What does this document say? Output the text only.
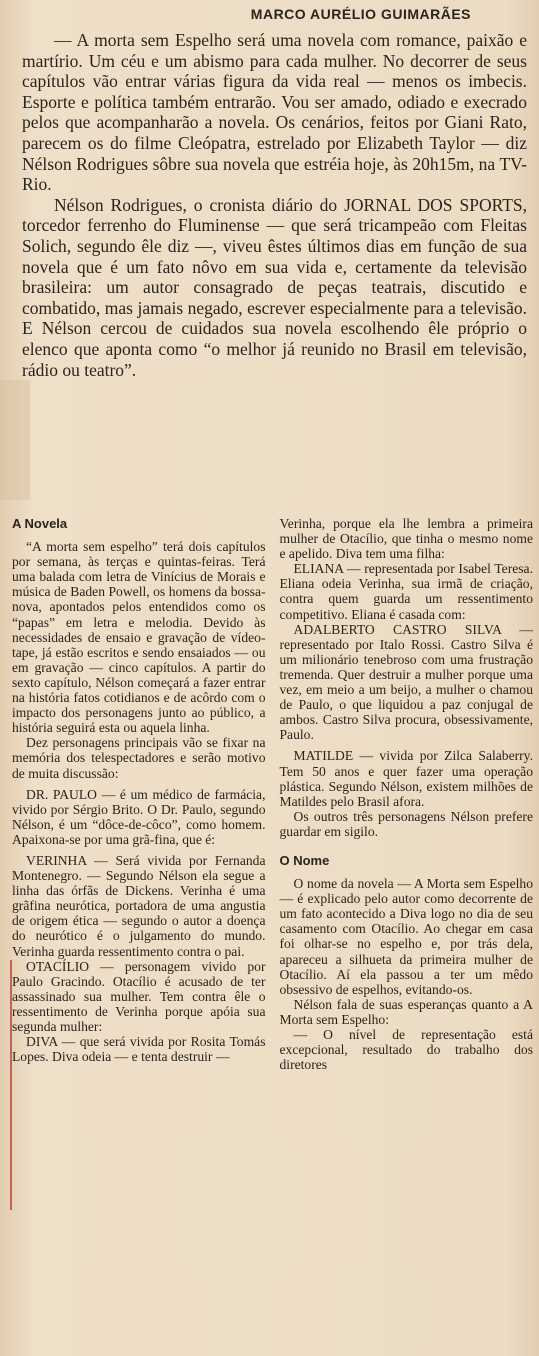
MARCO AURÉLIO GUIMARÃES

— A morta sem Espelho será uma novela com romance, paixão e martírio. Um céu e um abismo para cada mulher. No decorrer de seus capítulos vão entrar várias figura da vida real — menos os imbecis. Esporte e política também entrarão. Vou ser amado, odiado e execrado pelos que acompanharão a novela. Os cenários, feitos por Giani Rato, parecem os do filme Cleópatra, estrelado por Elizabeth Taylor — diz Nélson Rodrigues sôbre sua novela que estréia hoje, às 20h15m, na TV-Rio.

Nélson Rodrigues, o cronista diário do JORNAL DOS SPORTS, torcedor ferrenho do Fluminense — que será tricampeão com Fleitas Solich, segundo êle diz —, viveu êstes últimos dias em função de sua novela que é um fato nôvo em sua vida e, certamente da televisão brasileira: um autor consagrado de peças teatrais, discutido e combatido, mas jamais negado, escrever especialmente para a televisão. E Nélson cercou de cuidados sua novela escolhendo êle próprio o elenco que aponta como “o melhor já reunido no Brasil em televisão, rádio ou teatro”.

A Novela

“A morta sem espelho” terá dois capítulos por semana, às terças e quintas-feiras. Terá uma balada com letra de Vinícius de Morais e música de Baden Powell, os homens da bossa-nova, apontados pelos entendidos como os “papas” em letra e melodia. Devido às necessidades de ensaio e gravação de vídeo-tape, já estão escritos e sendo ensaiados — ou em gravação — cinco capítulos. A partir do sexto capítulo, Nélson começará a fazer entrar na história fatos cotidianos e de acôrdo com o impacto dos personagens junto ao público, a história seguirá esta ou aquela linha.

Dez personagens principais vão se fixar na memória dos telespectadores e serão motivo de muita discussão:

DR. PAULO — é um médico de farmácia, vivido por Sérgio Brito. O Dr. Paulo, segundo Nélson, é um “dôce-de-côco”, como homem. Apaixona-se por uma grã-fina, que é:

VERINHA — Será vivida por Fernanda Montenegro. — Segundo Nélson ela segue a linha das órfãs de Dickens. Verinha é uma grãfina neurótica, portadora de uma angustia de origem ética — segundo o autor a doença do neurótico é o julgamento do mundo. Verinha guarda ressentimento contra o pai.

OTACÍLIO — personagem vivido por Paulo Gracindo. Otacílio é acusado de ter assassinado sua mulher. Tem contra êle o ressentimento de Verinha porque apóia sua segunda mulher:

DIVA — que será vivida por Rosita Tomás Lopes. Diva odeia — e tenta destruir —

Verinha, porque ela lhe lembra a primeira mulher de Otacílio, que tinha o mesmo nome e apelido. Diva tem uma filha:

ELIANA — representada por Isabel Teresa. Eliana odeia Verinha, sua irmã de criação, contra quem guarda um ressentimento competitivo. Eliana é casada com:

ADALBERTO CASTRO SILVA — representado por Italo Rossi. Castro Silva é um milionário tenebroso com uma frustração tremenda. Quer destruir a mulher porque uma vez, em meio a um beijo, a mulher o chamou de Paulo, o que liquidou a paz conjugal de ambos. Castro Silva procura, obsessivamente, Paulo.

MATILDE — vivida por Zilca Salaberry. Tem 50 anos e quer fazer uma operação plástica. Segundo Nélson, existem milhões de Matildes pelo Brasil afora.

Os outros três personagens Nélson prefere guardar em sigilo.

O Nome

O nome da novela — A Morta sem Espelho — é explicado pelo autor como decorrente de um fato acontecido a Diva logo no dia de seu casamento com Otacílio. Ao chegar em casa foi olhar-se no espelho e, por trás dela, apareceu a silhueta da primeira mulher de Otacílio. Aí ela passou a ter um mêdo obsessivo de espelhos, evitando-os.

Nélson fala de suas esperanças quanto a A Morta sem Espelho:

— O nível de representação está excepcional, resultado do trabalho dos diretores
